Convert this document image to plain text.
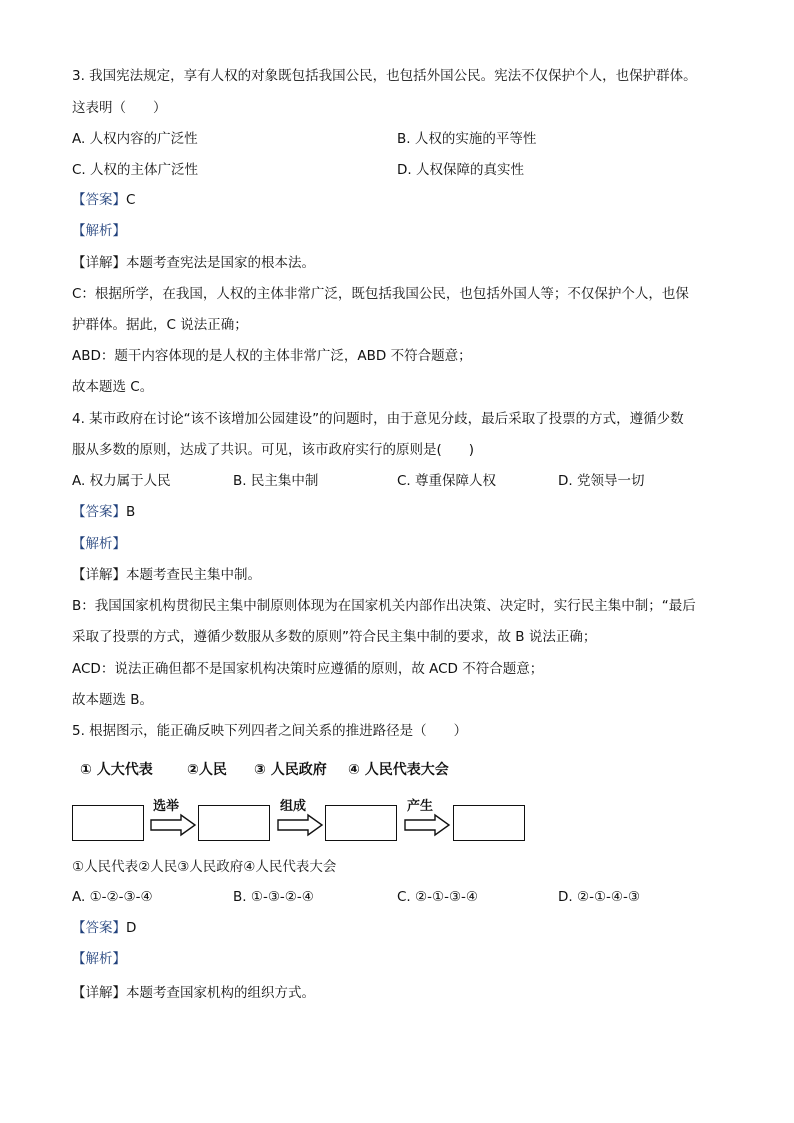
3. 我国宪法规定，享有人权的对象既包括我国公民，也包括外国公民。宪法不仅保护个人，也保护群体。
这表明（　　）
A. 人权内容的广泛性	B. 人权的实施的平等性
C. 人权的主体广泛性	D. 人权保障的真实性
【答案】C
【解析】
【详解】本题考查宪法是国家的根本法。
C：根据所学，在我国，人权的主体非常广泛，既包括我国公民，也包括外国人等；不仅保护个人，也保
护群体。据此，C 说法正确；
ABD：题干内容体现的是人权的主体非常广泛，ABD 不符合题意；
故本题选 C。
4. 某市政府在讨论“该不该增加公园建设”的问题时，由于意见分歧，最后采取了投票的方式，遵循少数
服从多数的原则，达成了共识。可见，该市政府实行的原则是(　　)
A. 权力属于人民	B. 民主集中制	C. 尊重保障人权	D. 党领导一切
【答案】B
【解析】
【详解】本题考查民主集中制。
B：我国国家机构贯彻民主集中制原则体现为在国家机关内部作出决策、决定时，实行民主集中制；“最后
采取了投票的方式，遵循少数服从多数的原则”符合民主集中制的要求，故 B 说法正确；
ACD：说法正确但都不是国家机构决策时应遵循的原则，故 ACD 不符合题意；
故本题选 B。
5. 根据图示，能正确反映下列四者之间关系的推进路径是（　　）
① 人大代表 ②人民 ③ 人民政府 ④ 人民代表大会
选举	组成	产生
①人民代表②人民③人民政府④人民代表大会
A. ①-②-③-④	B. ①-③-②-④	C. ②-①-③-④	D. ②-①-④-③
【答案】D
【解析】
【详解】本题考查国家机构的组织方式。
